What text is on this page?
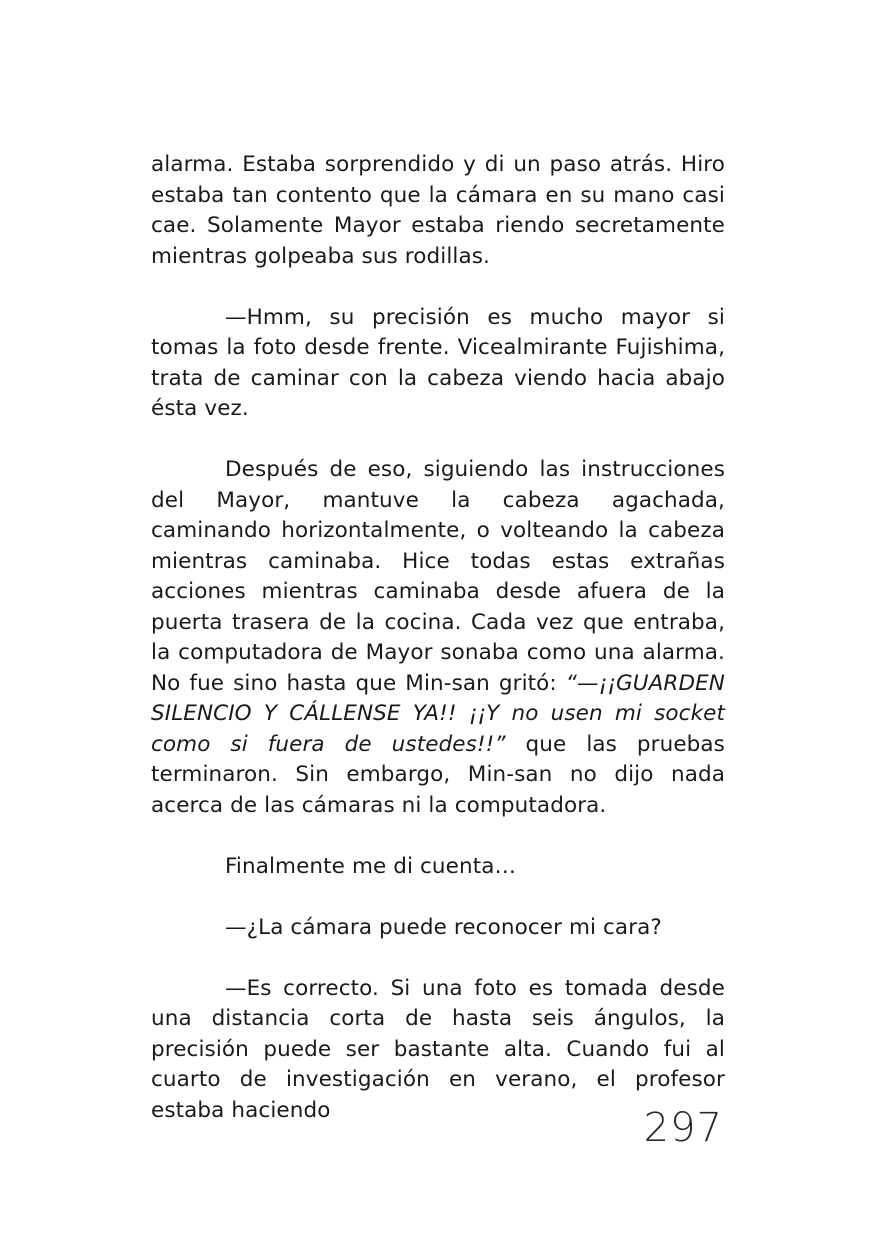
alarma. Estaba sorprendido y di un paso atrás. Hiro estaba tan contento que la cámara en su mano casi cae. Solamente Mayor estaba riendo secretamente mientras golpeaba sus rodillas.

—Hmm, su precisión es mucho mayor si tomas la foto desde frente. Vicealmirante Fujishima, trata de caminar con la cabeza viendo hacia abajo ésta vez.

Después de eso, siguiendo las instrucciones del Mayor, mantuve la cabeza agachada, caminando horizontalmente, o volteando la cabeza mientras caminaba. Hice todas estas extrañas acciones mientras caminaba desde afuera de la puerta trasera de la cocina. Cada vez que entraba, la computadora de Mayor sonaba como una alarma. No fue sino hasta que Min-san gritó: “—¡¡GUARDEN SILENCIO Y CÁLLENSE YA!! ¡¡Y no usen mi socket como si fuera de ustedes!!” que las pruebas terminaron. Sin embargo, Min-san no dijo nada acerca de las cámaras ni la computadora.

Finalmente me di cuenta…

—¿La cámara puede reconocer mi cara?

—Es correcto. Si una foto es tomada desde una distancia corta de hasta seis ángulos, la precisión puede ser bastante alta. Cuando fui al cuarto de investigación en verano, el profesor estaba haciendo	297
